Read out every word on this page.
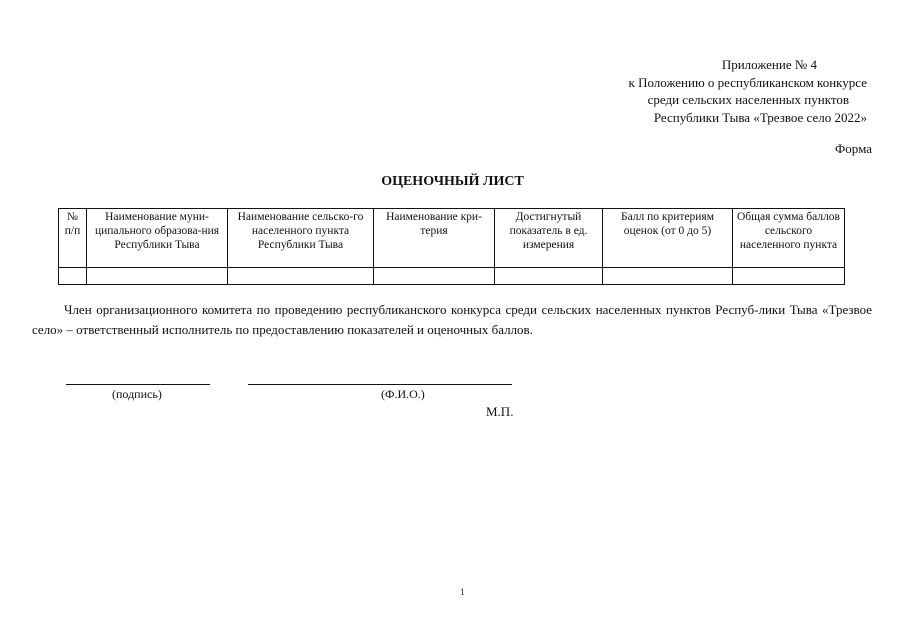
Приложение № 4
к Положению о республиканском конкурсе
среди сельских населенных пунктов
Республики Тыва «Трезвое село 2022»
Форма
ОЦЕНОЧНЫЙ ЛИСТ
№ п/п	Наименование муни-ципального образова-ния Республики Тыва	Наименование сельско-го населенного пункта Республики Тыва	Наименование кри-терия	Достигнутый показатель в ед. измерения	Балл по критериям оценок (от 0 до 5)	Общая сумма баллов сельского населенного пункта

Член организационного комитета по проведению республиканского конкурса среди сельских населенных пунктов Респуб-лики Тыва «Трезвое село» – ответственный исполнитель по предоставлению показателей и оценочных баллов.
(подпись)	(Ф.И.О.)
М.П.
1
